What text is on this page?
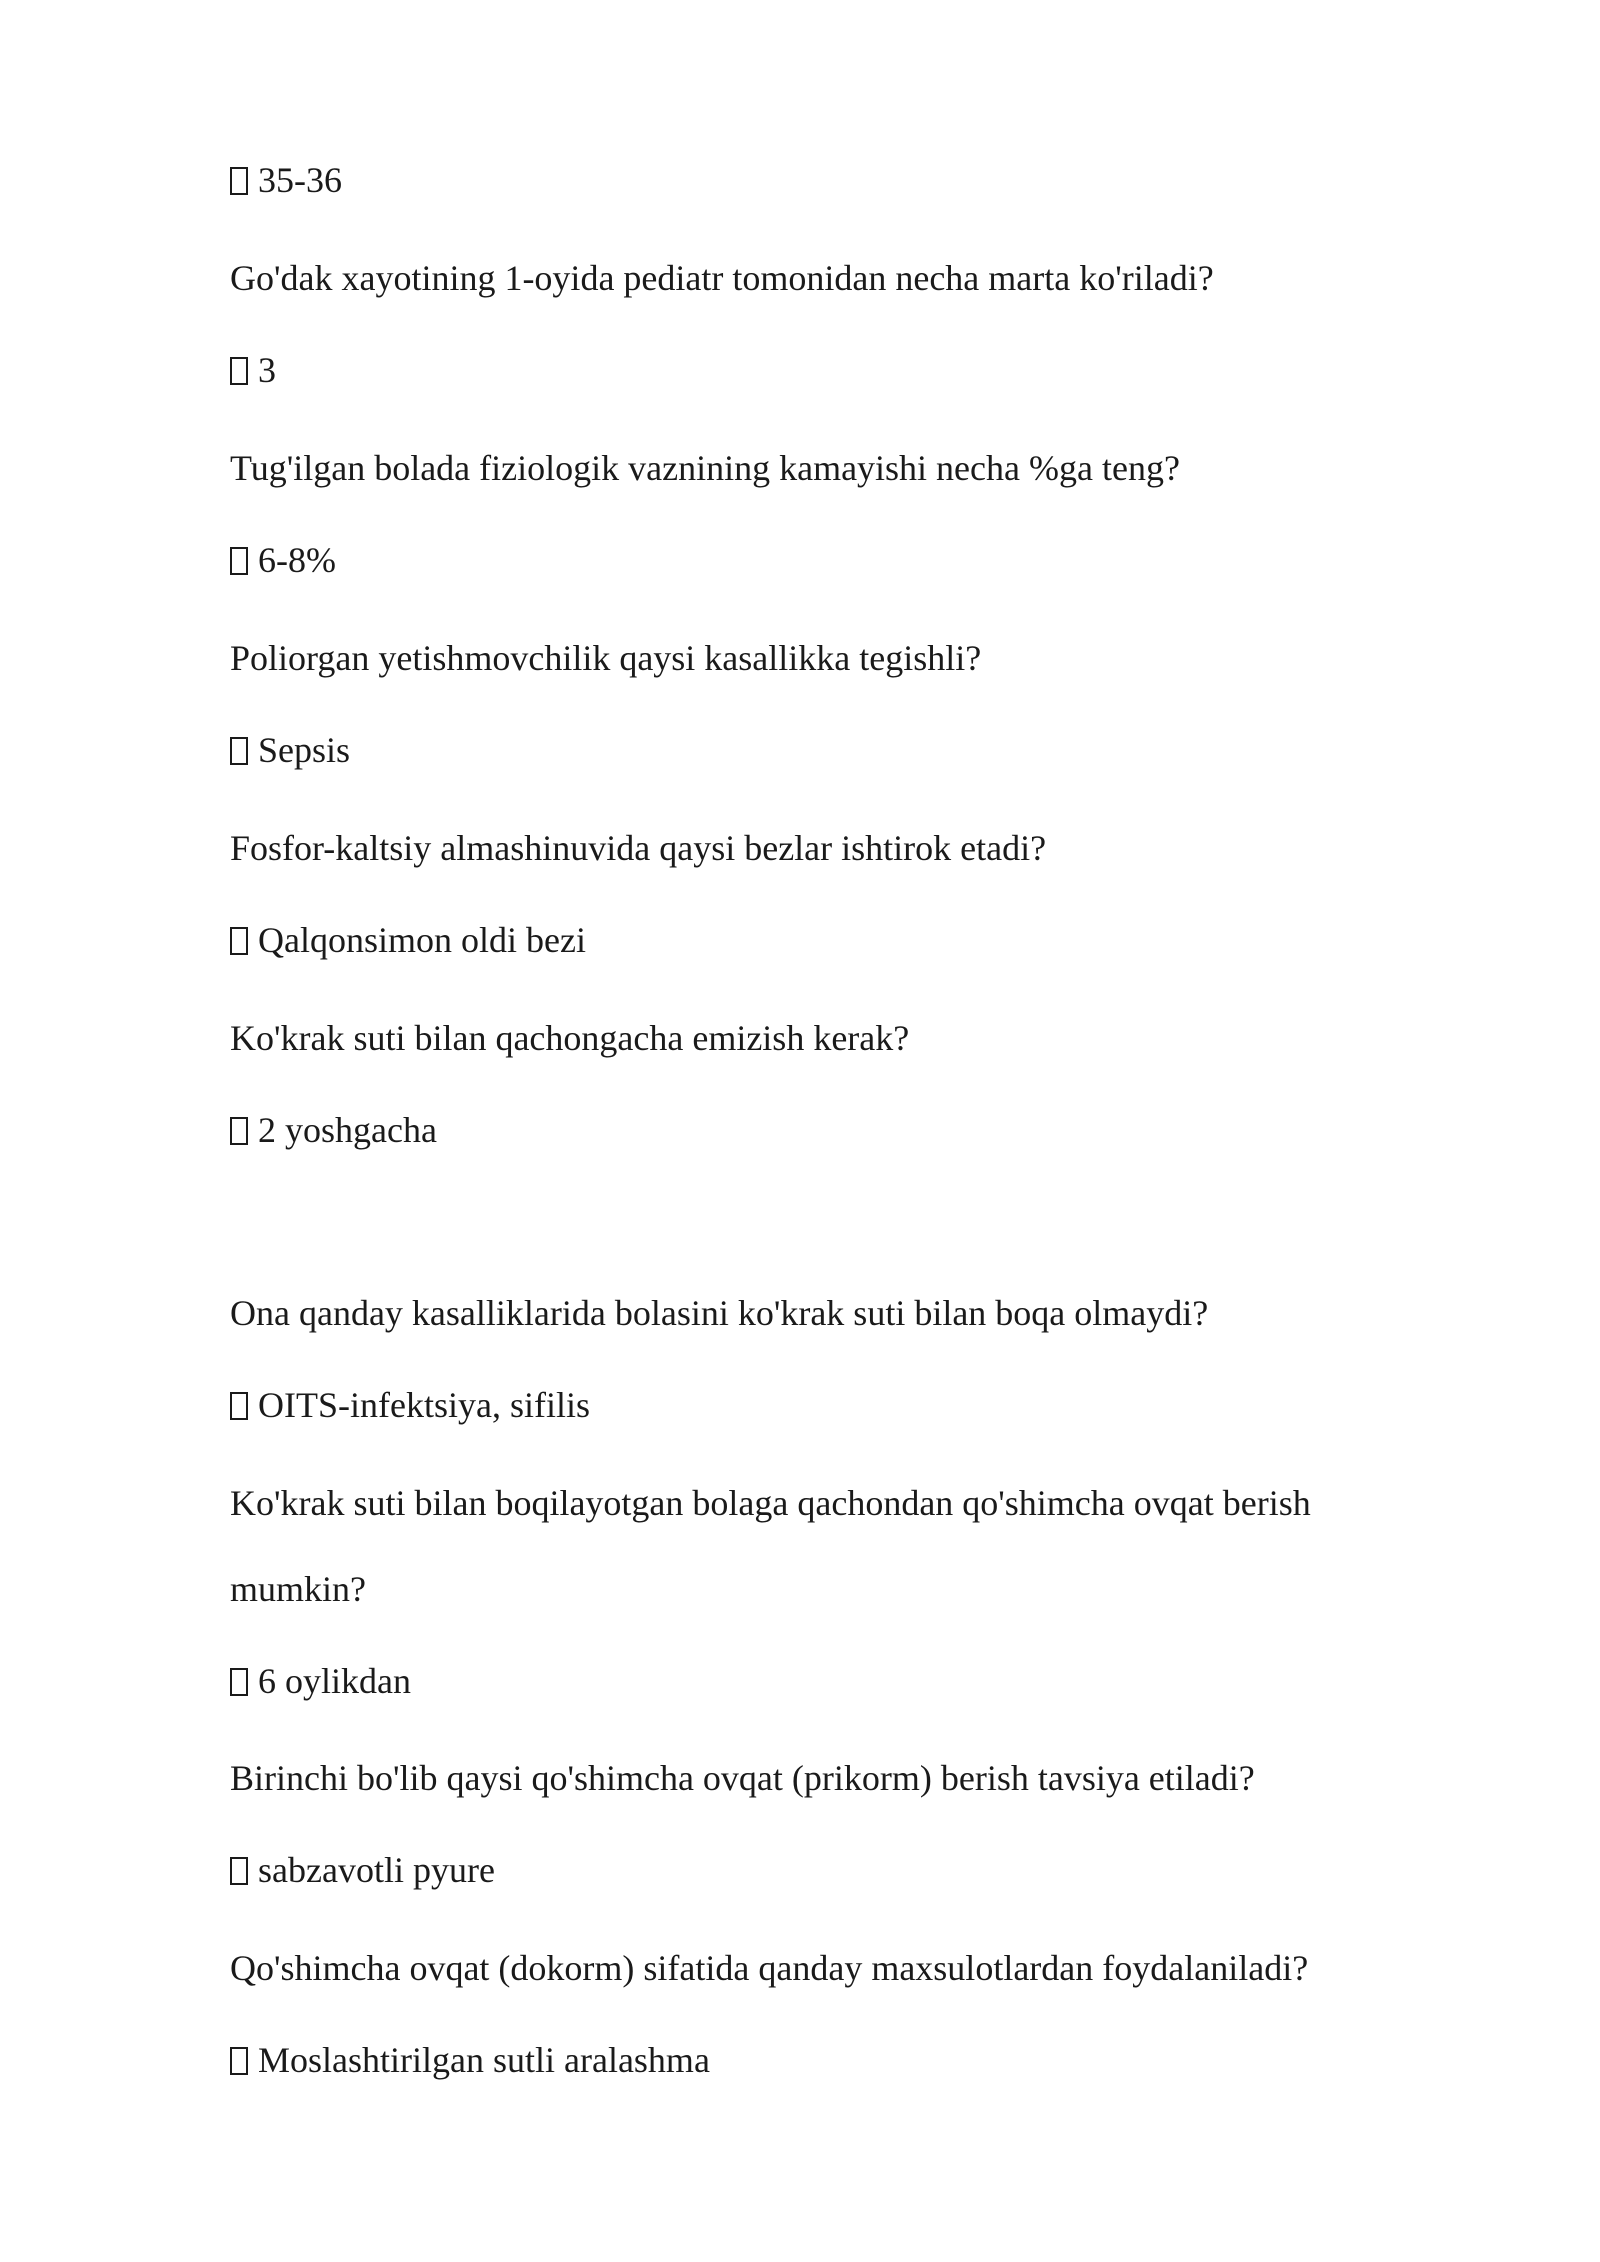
35-36
Go'dak xayotining 1-oyida pediatr tomonidan necha marta ko'riladi?
3
Tug'ilgan bolada fiziologik vaznining kamayishi necha %ga teng?
6-8%
Poliorgan yetishmovchilik qaysi kasallikka tegishli?
Sepsis
Fosfor-kaltsiy almashinuvida qaysi bezlar ishtirok etadi?
Qalqonsimon oldi bezi
Ko'krak suti bilan qachongacha emizish kerak?
2 yoshgacha
Ona qanday kasalliklarida bolasini ko'krak suti bilan boqa olmaydi?
OITS-infektsiya, sifilis
Ko'krak suti bilan boqilayotgan bolaga qachondan qo'shimcha ovqat berish
mumkin?
6 oylikdan
Birinchi bo'lib qaysi qo'shimcha ovqat (prikorm) berish tavsiya etiladi?
sabzavotli pyure
Qo'shimcha ovqat (dokorm) sifatida qanday maxsulotlardan foydalaniladi?
Moslashtirilgan sutli aralashma
